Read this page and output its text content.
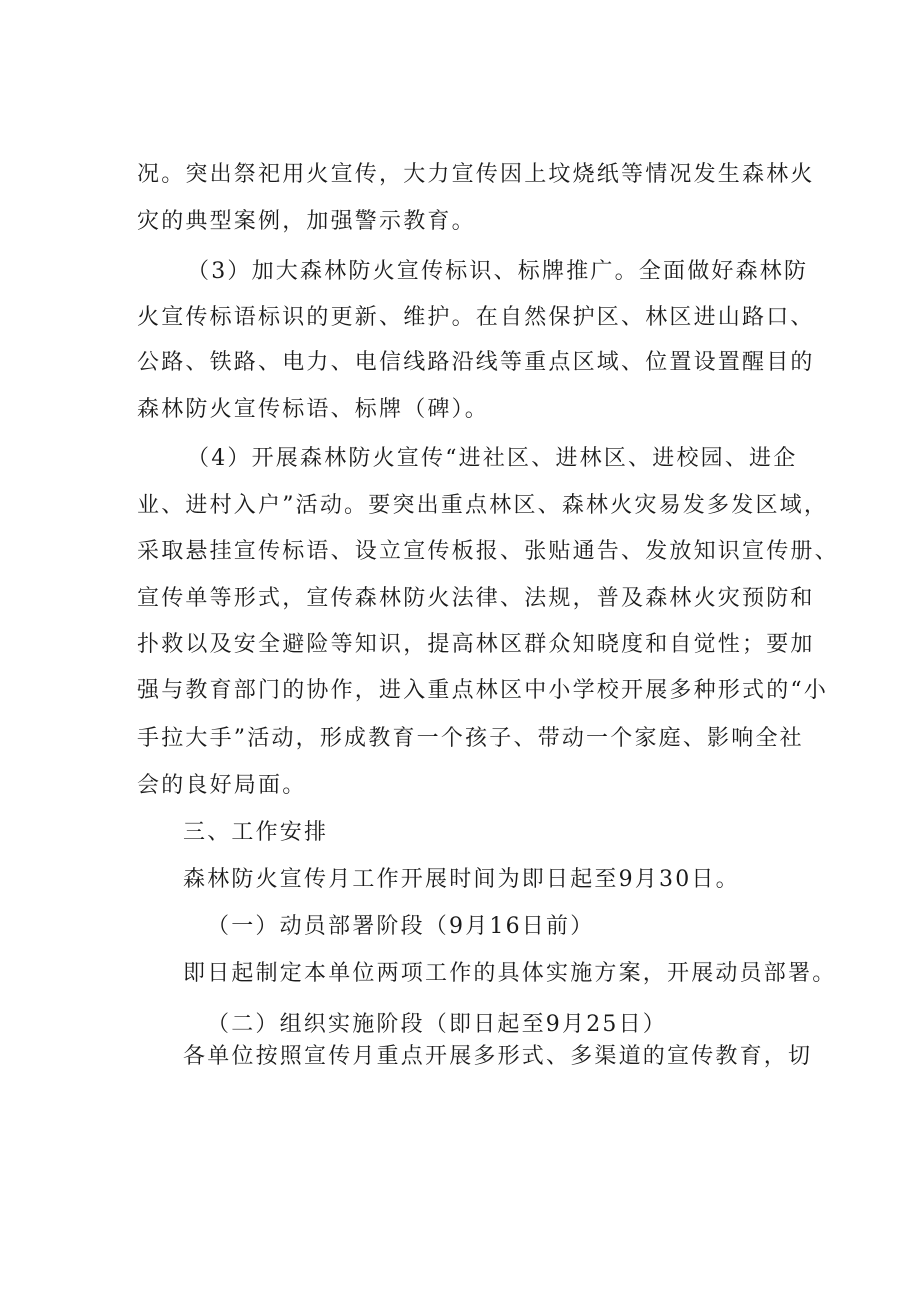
况。突出祭祀用火宣传，大力宣传因上坟烧纸等情况发生森林火
灾的典型案例，加强警示教育。
（3）加大森林防火宣传标识、标牌推广。全面做好森林防
火宣传标语标识的更新、维护。在自然保护区、林区进山路口、
公路、铁路、电力、电信线路沿线等重点区域、位置设置醒目的
森林防火宣传标语、标牌（碑）。
（4）开展森林防火宣传“进社区、进林区、进校园、进企
业、进村入户”活动。要突出重点林区、森林火灾易发多发区域，
采取悬挂宣传标语、设立宣传板报、张贴通告、发放知识宣传册、
宣传单等形式，宣传森林防火法律、法规，普及森林火灾预防和
扑救以及安全避险等知识，提高林区群众知晓度和自觉性；要加
强与教育部门的协作，进入重点林区中小学校开展多种形式的“小
手拉大手”活动，形成教育一个孩子、带动一个家庭、影响全社
会的良好局面。
三、工作安排
森林防火宣传月工作开展时间为即日起至9月30日。
（一）动员部署阶段（9月16日前）
即日起制定本单位两项工作的具体实施方案，开展动员部署。
（二）组织实施阶段（即日起至9月25日）
各单位按照宣传月重点开展多形式、多渠道的宣传教育，切
